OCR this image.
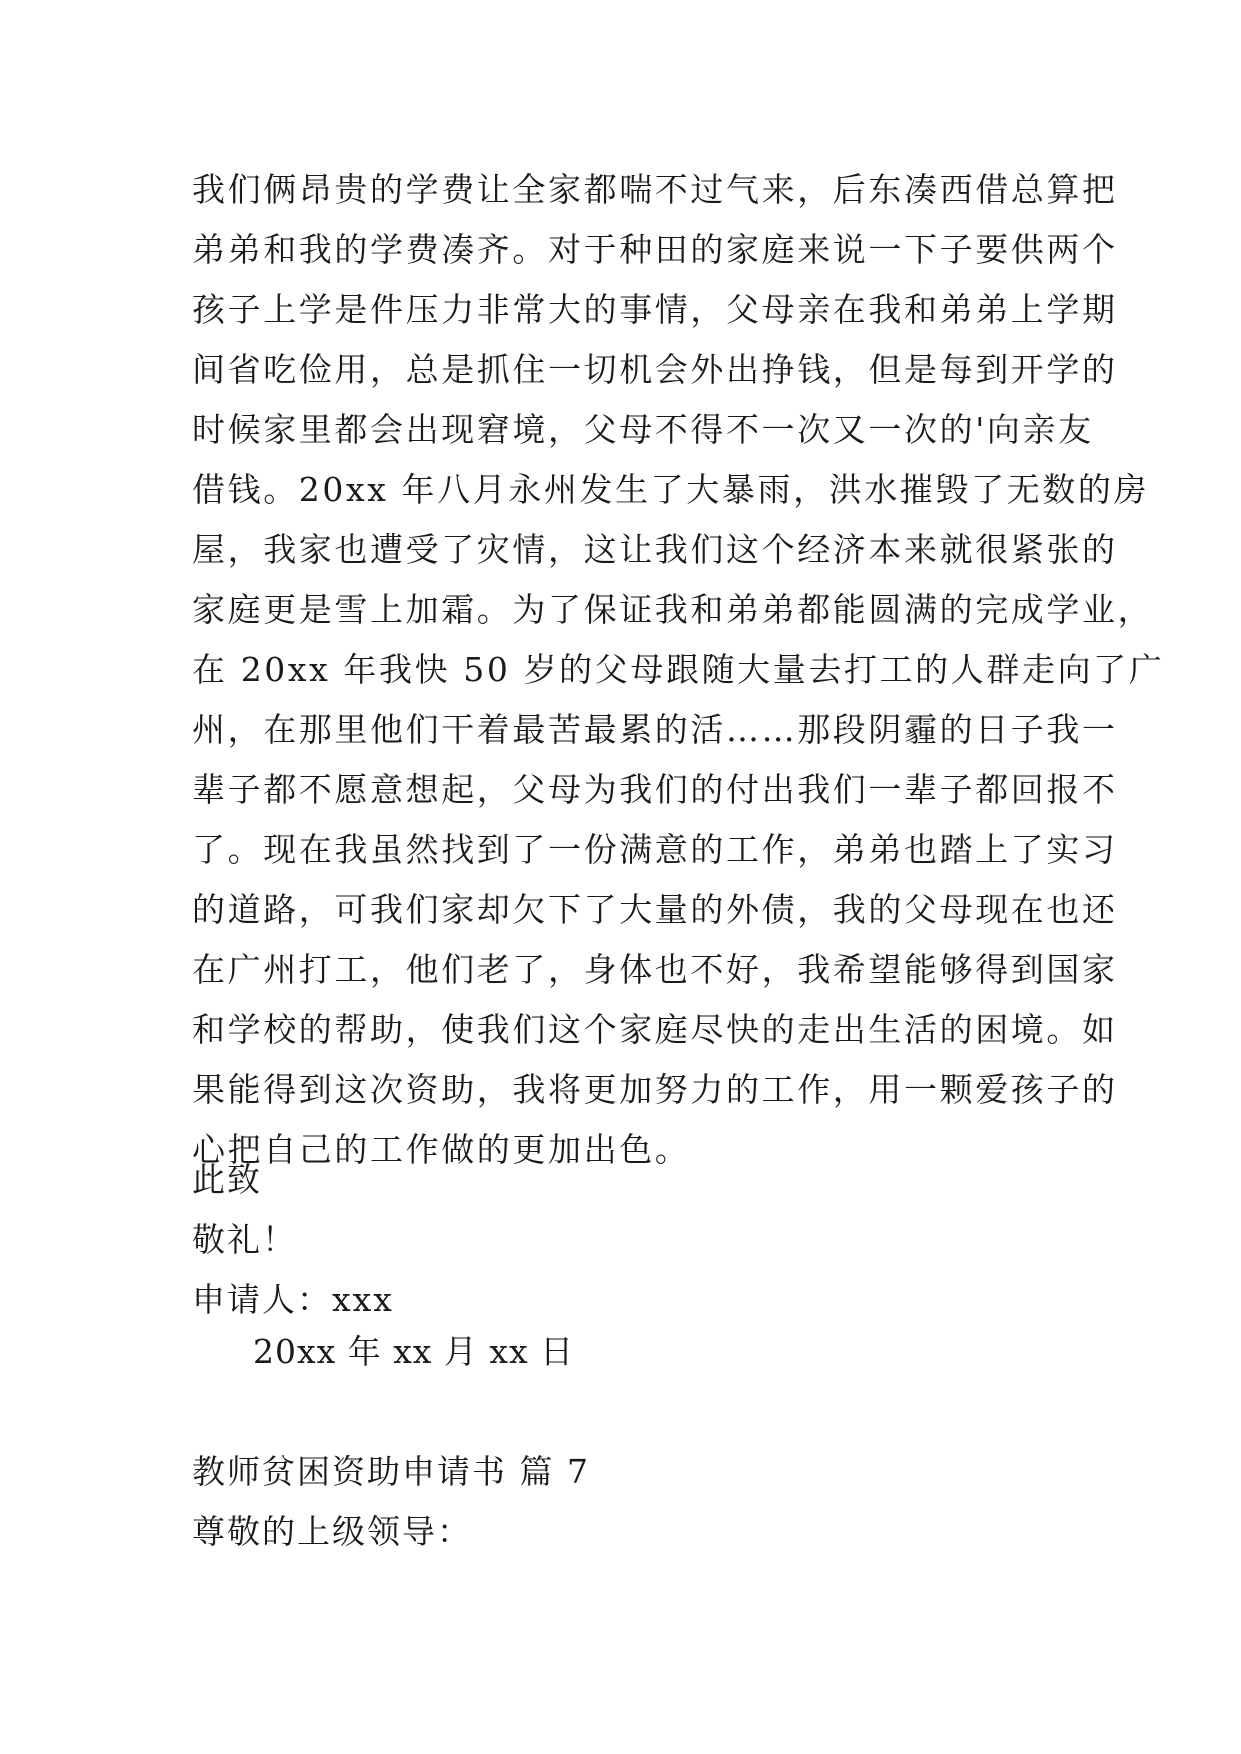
我们俩昂贵的学费让全家都喘不过气来，后东凑西借总算把
弟弟和我的学费凑齐。对于种田的家庭来说一下子要供两个
孩子上学是件压力非常大的事情，父母亲在我和弟弟上学期
间省吃俭用，总是抓住一切机会外出挣钱，但是每到开学的
时候家里都会出现窘境，父母不得不一次又一次的'向亲友
借钱。20xx 年八月永州发生了大暴雨，洪水摧毁了无数的房
屋，我家也遭受了灾情，这让我们这个经济本来就很紧张的
家庭更是雪上加霜。为了保证我和弟弟都能圆满的完成学业，
在 20xx 年我快 50 岁的父母跟随大量去打工的人群走向了广
州，在那里他们干着最苦最累的活……那段阴霾的日子我一
辈子都不愿意想起，父母为我们的付出我们一辈子都回报不
了。现在我虽然找到了一份满意的工作，弟弟也踏上了实习
的道路，可我们家却欠下了大量的外债，我的父母现在也还
在广州打工，他们老了，身体也不好，我希望能够得到国家
和学校的帮助，使我们这个家庭尽快的走出生活的困境。如
果能得到这次资助，我将更加努力的工作，用一颗爱孩子的
心把自己的工作做的更加出色。
此致
敬礼！
申请人：xxx
20xx 年 xx 月 xx 日
教师贫困资助申请书 篇 7
尊敬的上级领导：
